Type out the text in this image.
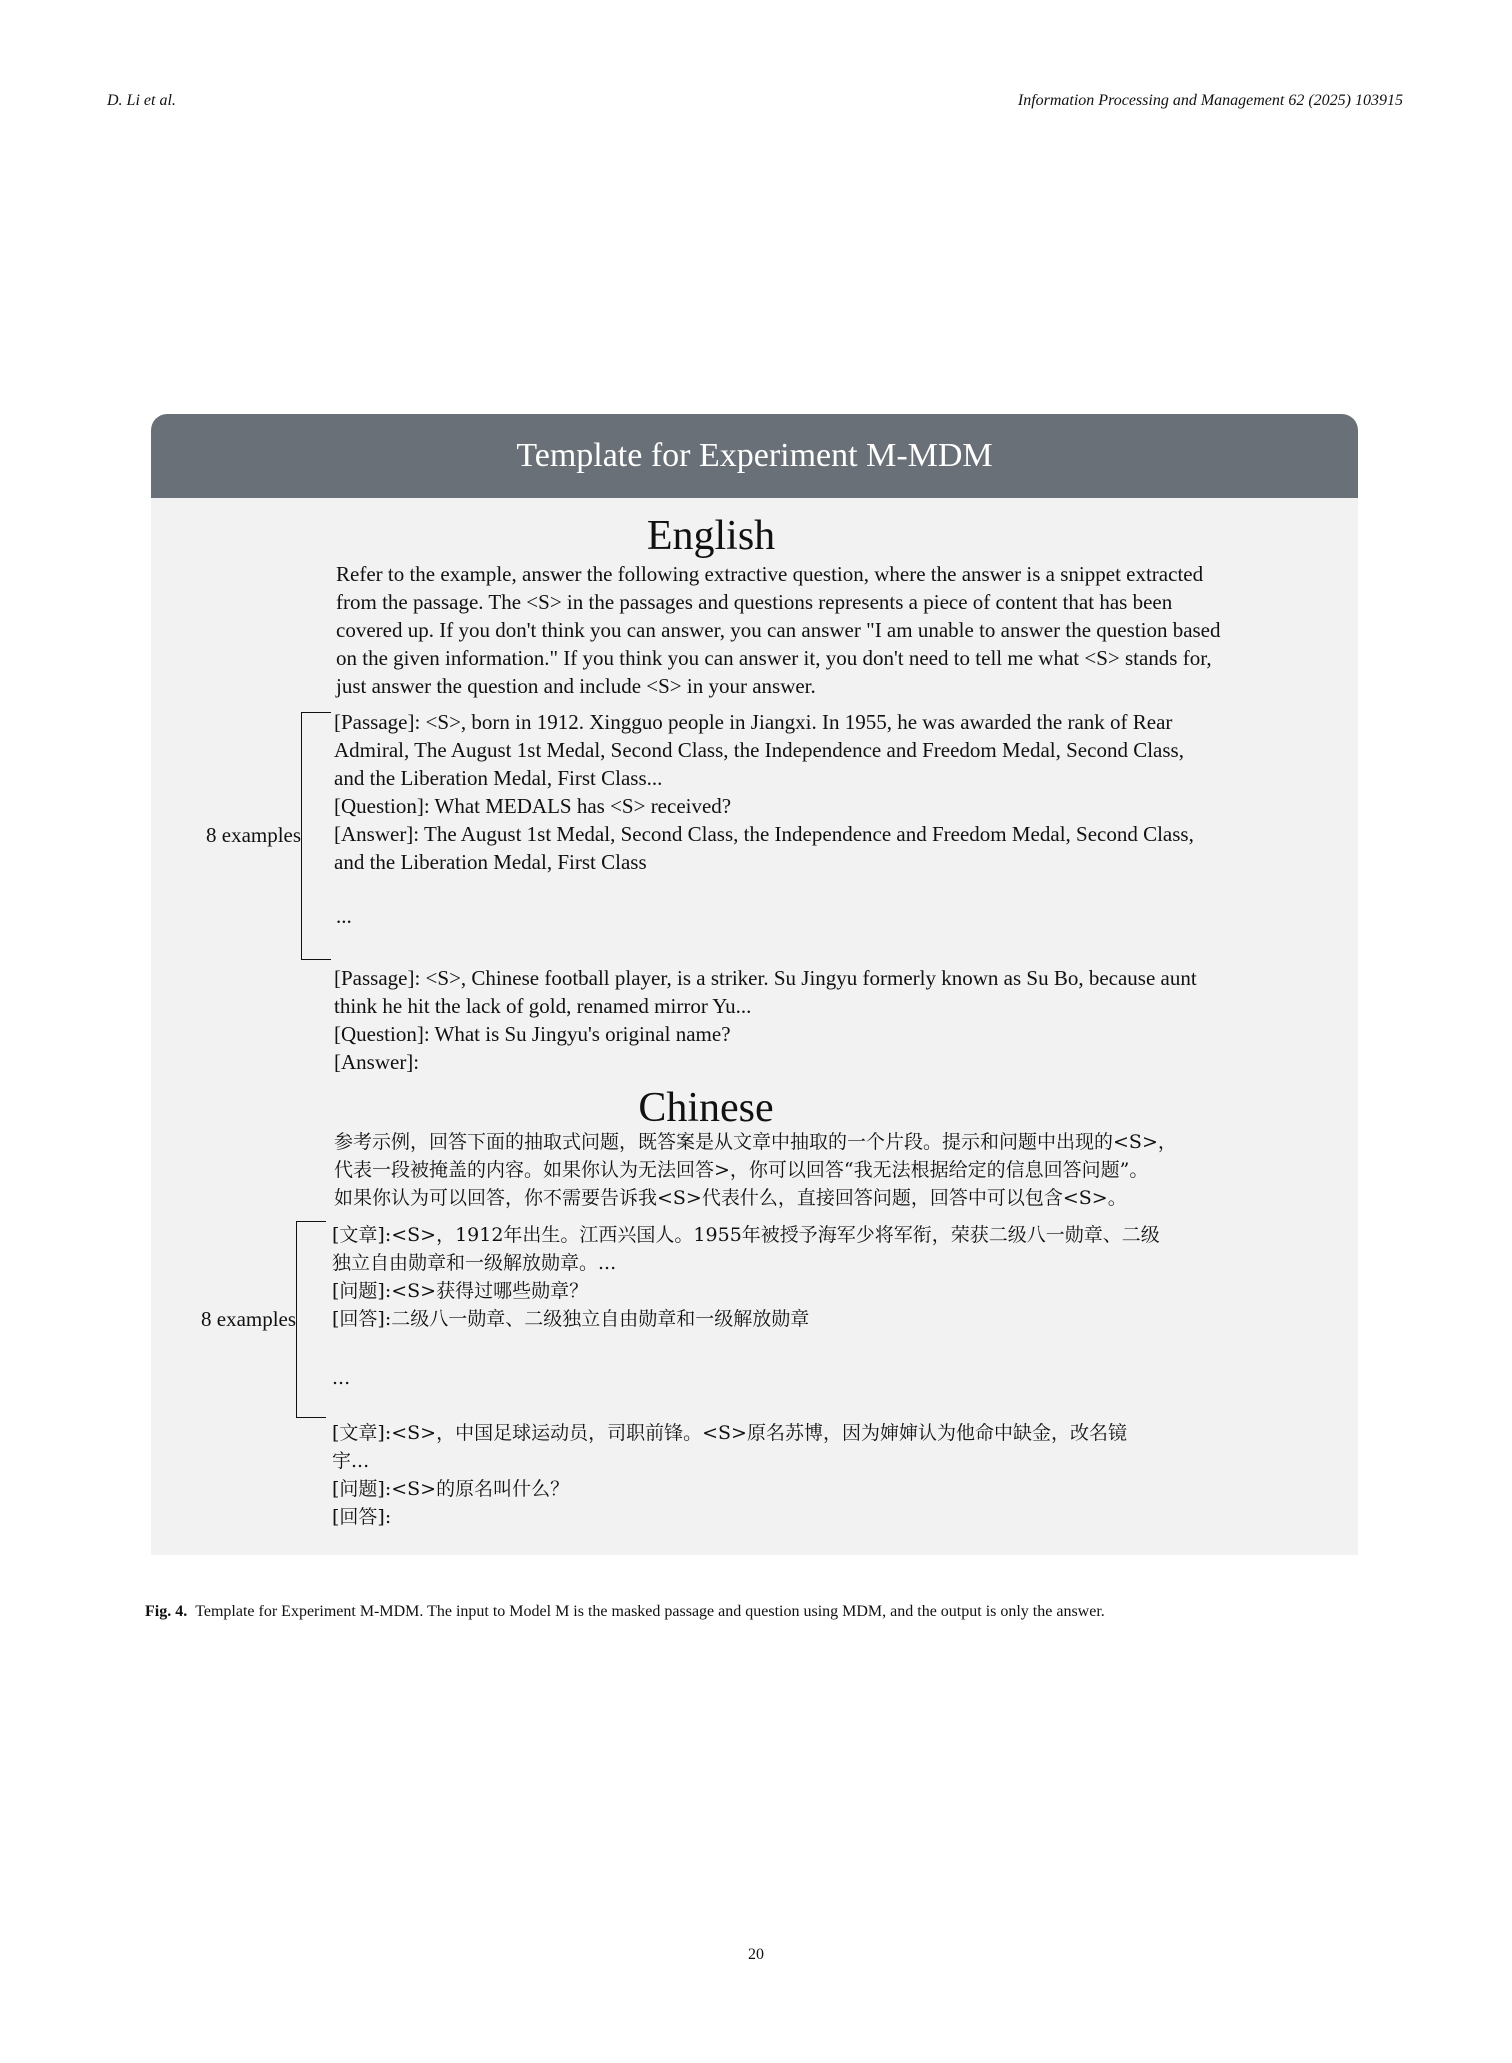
D. Li et al.	Information Processing and Management 62 (2025) 103915
Template for Experiment M-MDM
English
Refer to the example, answer the following extractive question, where the answer is a snippet extracted
from the passage. The <S> in the passages and questions represents a piece of content that has been
covered up. If you don't think you can answer, you can answer "I am unable to answer the question based
on the given information." If you think you can answer it, you don't need to tell me what <S> stands for,
just answer the question and include <S> in your answer.
8 examples
[Passage]: <S>, born in 1912. Xingguo people in Jiangxi. In 1955, he was awarded the rank of Rear
Admiral, The August 1st Medal, Second Class, the Independence and Freedom Medal, Second Class,
and the Liberation Medal, First Class...
[Question]: What MEDALS has <S> received?
[Answer]: The August 1st Medal, Second Class, the Independence and Freedom Medal, Second Class,
and the Liberation Medal, First Class
...
[Passage]: <S>, Chinese football player, is a striker. Su Jingyu formerly known as Su Bo, because aunt
think he hit the lack of gold, renamed mirror Yu...
[Question]: What is Su Jingyu's original name?
[Answer]:
Chinese
参考示例，回答下面的抽取式问题，既答案是从文章中抽取的一个片段。提示和问题中出现的<S>，
代表一段被掩盖的内容。如果你认为无法回答>，你可以回答“我无法根据给定的信息回答问题”。
如果你认为可以回答，你不需要告诉我<S>代表什么，直接回答问题，回答中可以包含<S>。
8 examples
[文章]:<S>，1912年出生。江西兴国人。1955年被授予海军少将军衔，荣获二级八一勋章、二级
独立自由勋章和一级解放勋章。...
[问题]:<S>获得过哪些勋章？
[回答]:二级八一勋章、二级独立自由勋章和一级解放勋章
...
[文章]:<S>，中国足球运动员，司职前锋。<S>原名苏博，因为婶婶认为他命中缺金，改名镜
宇...
[问题]:<S>的原名叫什么？
[回答]:
Fig. 4. Template for Experiment M-MDM. The input to Model M is the masked passage and question using MDM, and the output is only the answer.
20
